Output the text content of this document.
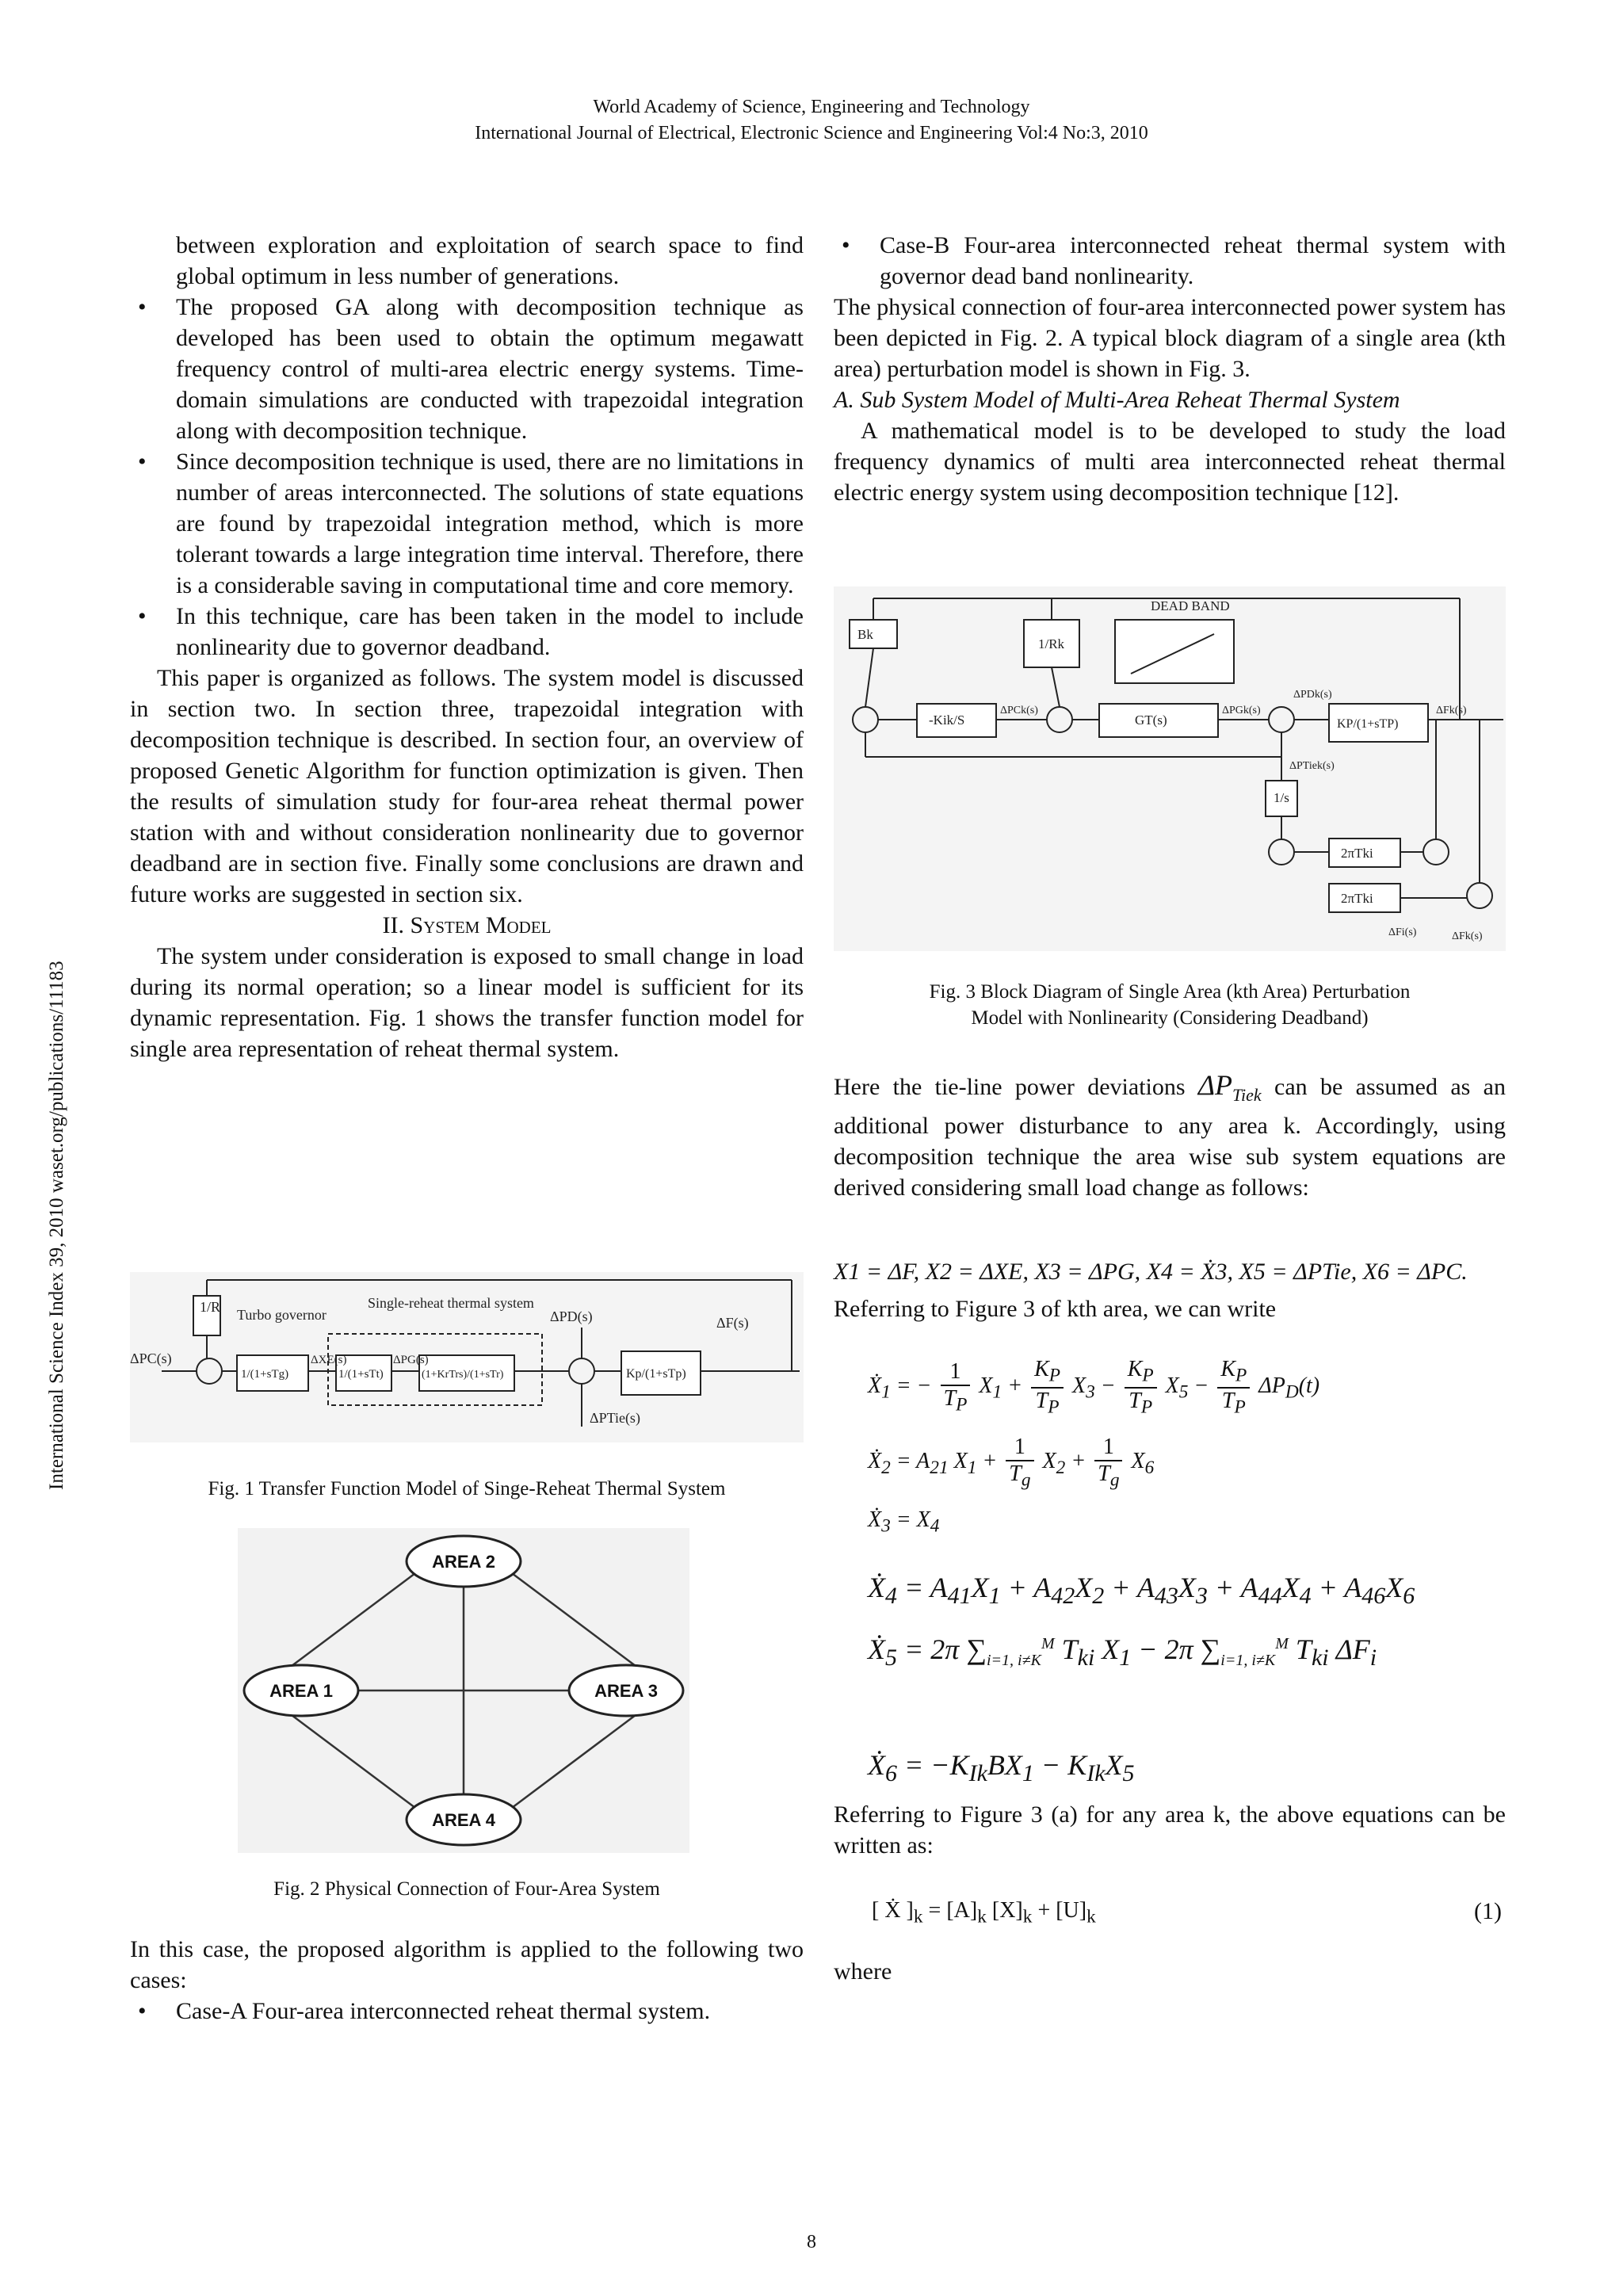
World Academy of Science, Engineering and Technology
International Journal of Electrical, Electronic Science and Engineering Vol:4 No:3, 2010
International Science Index 39, 2010 waset.org/publications/11183

between exploration and exploitation of search space to find global optimum in less number of generations.

• The proposed GA along with decomposition technique as developed has been used to obtain the optimum megawatt frequency control of multi-area electric energy systems. Time-domain simulations are conducted with trapezoidal integration along with decomposition technique.

• Since decomposition technique is used, there are no limitations in number of areas interconnected. The solutions of state equations are found by trapezoidal integration method, which is more tolerant towards a large integration time interval. Therefore, there is a considerable saving in computational time and core memory.

• In this technique, care has been taken in the model to include nonlinearity due to governor deadband.

This paper is organized as follows. The system model is discussed in section two. In section three, trapezoidal integration with decomposition technique is described. In section four, an overview of proposed Genetic Algorithm for function optimization is given. Then the results of simulation study for four-area reheat thermal power station with and without consideration nonlinearity due to governor deadband are in section five. Finally some conclusions are drawn and future works are suggested in section six.

II. System Model

The system under consideration is exposed to small change in load during its normal operation; so a linear model is sufficient for its dynamic representation. Fig. 1 shows the transfer function model for single area representation of reheat thermal system.

1/R Turbo governor
Single-reheat thermal system
ΔPD(s)	ΔF(s)
ΔPC(s)
1/(1+sTg)
ΔXE(s)
1/(1+sTt)
ΔPG(s)
(1+KrTrs)/(1+sTr)	Kp/(1+sTp)
ΔPTie(s)
Fig. 1 Transfer Function Model of Singe-Reheat Thermal System
AREA 2
AREA 1	AREA 3
AREA 4
Fig. 2 Physical Connection of Four-Area System

In this case, the proposed algorithm is applied to the following two cases:

• Case-A Four-area interconnected reheat thermal system.

• Case-B Four-area interconnected reheat thermal system with governor dead band nonlinearity.

The physical connection of four-area interconnected power system has been depicted in Fig. 2. A typical block diagram of a single area (kth area) perturbation model is shown in Fig. 3.

A. Sub System Model of Multi-Area Reheat Thermal System

A mathematical model is to be developed to study the load frequency dynamics of multi area interconnected reheat thermal electric energy system using decomposition technique [12].

Bk
1/Rk
DEAD BAND
-Kik/S
ΔPCk(s)
GT(s)
ΔPGk(s)
ΔPDk(s)
KP/(1+sTP)
ΔFk(s)
ΔPTiek(s)
1/s
2πTki
2πTki
ΔFi(s)	ΔFk(s)
Fig. 3 Block Diagram of Single Area (kth Area) Perturbation
Model with Nonlinearity (Considering Deadband)

Here the tie-line power deviations $\Delta P_{Tiek}$ can be assumed as an additional power disturbance to any area k. Accordingly, using decomposition technique the area wise sub system equations are derived considering small load change as follows:

X1 = ΔF, X2 = ΔXE, X3 = ΔPG, X4 = Ẋ3, X5 = ΔPTie, X6 = ΔPC.
Referring to Figure 3 of kth area, we can write
Ẋ$_1$ = − $\frac{1}{T_P} X_1 + \frac{K_P}{T_P} X_3 - \frac{K_P}{T_P} X_5 - \frac{K_P}{T_P} \Delta P_D(t)$
Ẋ$_2$ = $A_{21}$ $X_1 + \frac{1}{T_g} X_2 + \frac{1}{T_g} X_6$
Ẋ$_3$ = $X_4$
Ẋ$_4$ = $A_{41}X_1 + A_{42}X_2 + A_{43}X_3 + A_{44}X_4 + A_{46}X_6$
Ẋ$_5$ = 2π $\sum_{i=1, i\ne K}^M$ $T_{ki}$ $X_1 - 2\pi$ $\sum_{i=1, i\ne K}^M$ $T_{ki}$ $\Delta F_i$
Ẋ$_6$ = $-K_{Ik}BX_1 - K_{Ik}X_5$
Referring to Figure 3 (a) for any area k, the above equations can be written as:
[ Ẋ ]$_k = [A]_k$ $[X]_k + [U]_k$	(1)
where
8
